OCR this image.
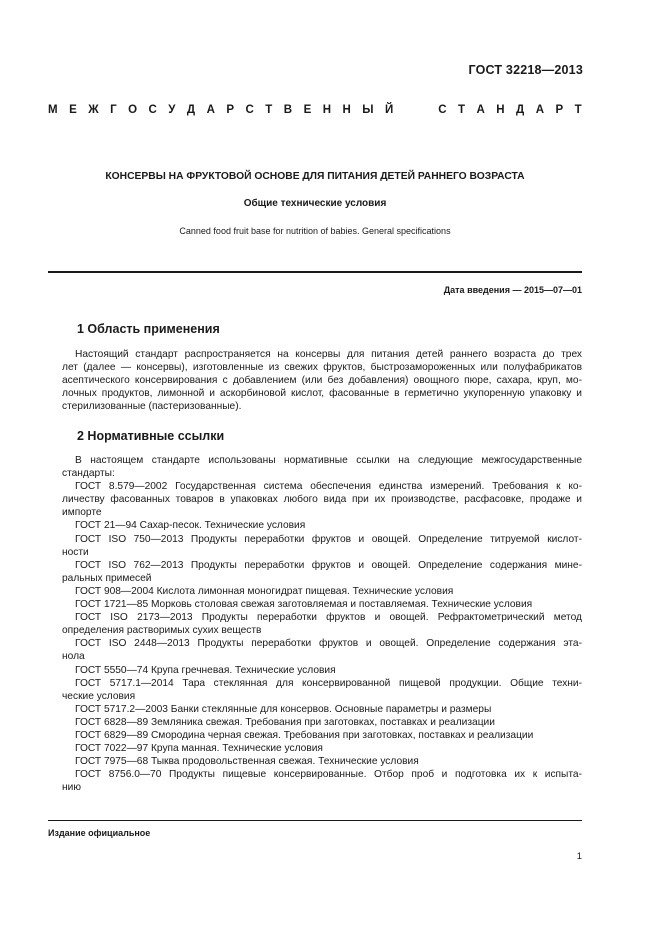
ГОСТ 32218—2013
М Е Ж Г О С У Д А Р С Т В Е Н Н Ы Й	С Т А Н Д А Р Т
КОНСЕРВЫ НА ФРУКТОВОЙ ОСНОВЕ ДЛЯ ПИТАНИЯ ДЕТЕЙ РАННЕГО ВОЗРАСТА
Общие технические условия
Canned food fruit base for nutrition of babies. General specifications
Дата введения — 2015—07—01
1 Область применения
Настоящий стандарт распространяется на консервы для питания детей раннего возраста до трех
лет (далее — консервы), изготовленные из свежих фруктов, быстрозамороженных или полуфабрикатов
асептического консервирования с добавлением (или без добавления) овощного пюре, сахара, круп, мо-
лочных продуктов, лимонной и аскорбиновой кислот, фасованные в герметично укупоренную упаковку и
стерилизованные (пастеризованные).
2 Нормативные ссылки
В настоящем стандарте использованы нормативные ссылки на следующие межгосударственные
стандарты:
ГОСТ 8.579—2002 Государственная система обеспечения единства измерений. Требования к ко-
личеству фасованных товаров в упаковках любого вида при их производстве, расфасовке, продаже и
импорте
ГОСТ 21—94 Сахар-песок. Технические условия
ГОСТ ISO 750—2013 Продукты переработки фруктов и овощей. Определение титруемой кислот-
ности
ГОСТ ISO 762—2013 Продукты переработки фруктов и овощей. Определение содержания мине-
ральных примесей
ГОСТ 908—2004 Кислота лимонная моногидрат пищевая. Технические условия
ГОСТ 1721—85 Морковь столовая свежая заготовляемая и поставляемая. Технические условия
ГОСТ ISO 2173—2013 Продукты переработки фруктов и овощей. Рефрактометрический метод
определения растворимых сухих веществ
ГОСТ ISO 2448—2013 Продукты переработки фруктов и овощей. Определение содержания эта-
нола
ГОСТ 5550—74 Крупа гречневая. Технические условия
ГОСТ 5717.1—2014 Тара стеклянная для консервированной пищевой продукции. Общие техни-
ческие условия
ГОСТ 5717.2—2003 Банки стеклянные для консервов. Основные параметры и размеры
ГОСТ 6828—89 Земляника свежая. Требования при заготовках, поставках и реализации
ГОСТ 6829—89 Смородина черная свежая. Требования при заготовках, поставках и реализации
ГОСТ 7022—97 Крупа манная. Технические условия
ГОСТ 7975—68 Тыква продовольственная свежая. Технические условия
ГОСТ 8756.0—70 Продукты пищевые консервированные. Отбор проб и подготовка их к испыта-
нию
Издание официальное
1
